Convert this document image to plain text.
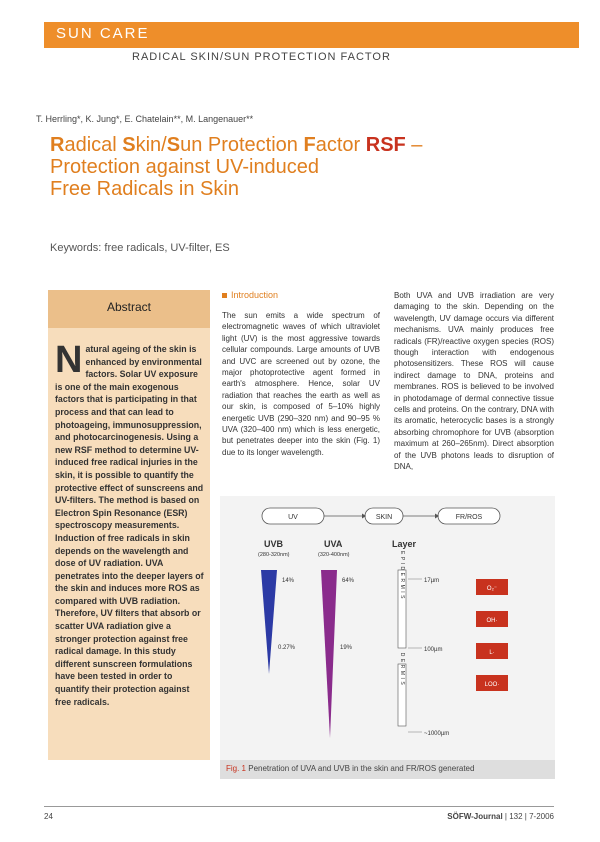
SUN CARE
RADICAL SKIN/SUN PROTECTION FACTOR
T. Herrling*, K. Jung*, E. Chatelain**, M. Langenauer**
Radical Skin/Sun Protection Factor RSF –
Protection against UV-induced
Free Radicals in Skin
Keywords: free radicals, UV-filter, ES
Abstract
Natural ageing of the skin is enhanced by environmental factors. Solar UV exposure is one of the main exogenous factors that is participating in that process and that can lead to photoageing, immunosuppression, and photocarcinogenesis. Using a new RSF method to determine UV-induced free radical injuries in the skin, it is possible to quantify the protective effect of sunscreens and UV-filters. The method is based on Electron Spin Resonance (ESR) spectroscopy measurements. Induction of free radicals in skin depends on the wavelength and dose of UV radiation. UVA penetrates into the deeper layers of the skin and induces more ROS as compared with UVB radiation. Therefore, UV filters that absorb or scatter UVA radiation give a stronger protection against free radical damage. In this study different sunscreen formulations have been tested in order to quantify their protection against free radicals.
Introduction
The sun emits a wide spectrum of electromagnetic waves of which ultraviolet light (UV) is the most aggressive towards cellular compounds. Large amounts of UVB and UVC are screened out by ozone, the major photoprotective agent formed in earth's atmosphere. Hence, solar UV radiation that reaches the earth as well as our skin, is composed of 5–10% highly energetic UVB (290–320 nm) and 90–95 % UVA (320–400 nm) which is less energetic, but penetrates deeper into the skin (Fig. 1) due to its longer wavelength.
Both UVA and UVB irradiation are very damaging to the skin. Depending on the wavelength, UV damage occurs via different mechanisms. UVA mainly produces free radicals (FR)/reactive oxygen species (ROS) though interaction with endogenous photosensitizers. These ROS will cause indirect damage to DNA, proteins and membranes. ROS is believed to be involved in photodamage of dermal connective tissue cells and proteins. On the contrary, DNA with its aromatic, heterocyclic bases is a strongly absorbing chromophore for UVB (absorption maximum at 260–265nm). Direct absorption of the UVB photons leads to disruption of DNA,
UV	SKIN	FR/ROS
UVB
(280-320nm)
UVA
(320-400nm)
Layer
14%
0.27%
64%
19%
EPIDERMIS
DERMIS
17µm
100µm
~1000µm
O₂⁻
OH·
L·
LOO·
Fig. 1 Penetration of UVA and UVB in the skin and FR/ROS generated
24	SÖFW-Journal | 132 | 7-2006
